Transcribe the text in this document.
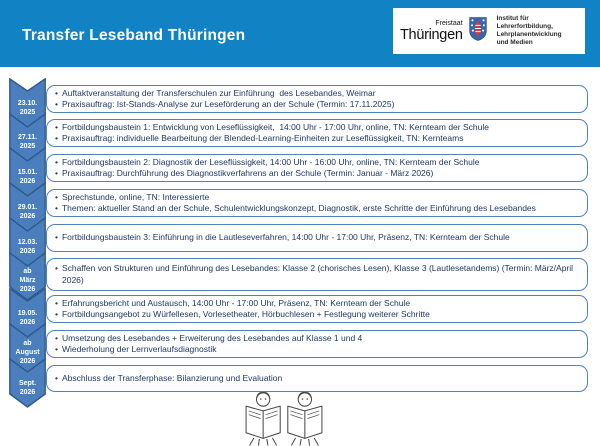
Transfer Leseband Thüringen
Freistaat
Thüringen
Institut für Lehrerfortbildung,
Lehrplanentwicklung
und Medien
23.10.
2025
27.11.
2025
15.01.
2026
29.01.
2026
12.03.
2026
ab
März
2026
19.05.
2026
ab
August
2026
Sept.
2026
• Auftaktveranstaltung der Transferschulen zur Einführung  des Lesebandes, Weimar
• Praxisauftrag: Ist-Stands-Analyse zur Leseförderung an der Schule (Termin: 17.11.2025)
• Fortbildungsbaustein 1: Entwicklung von Leseflüssigkeit,  14:00 Uhr - 17:00 Uhr, online, TN: Kernteam der Schule
• Praxisauftrag: individuelle Bearbeitung der Blended-Learning-Einheiten zur Leseflüssigkeit, TN: Kernteams
• Fortbildungsbaustein 2: Diagnostik der Leseflüssigkeit, 14:00 Uhr - 16:00 Uhr, online, TN: Kernteam der Schule
• Praxisauftrag: Durchführung des Diagnostikverfahrens an der Schule (Termin: Januar - März 2026)
• Sprechstunde, online, TN: Interessierte
• Themen: aktueller Stand an der Schule, Schulentwicklungskonzept, Diagnostik, erste Schritte der Einführung des Lesebandes
• Fortbildungsbaustein 3: Einführung in die Lautleseverfahren, 14:00 Uhr - 17:00 Uhr, Präsenz, TN: Kernteam der Schule
• Schaffen von Strukturen und Einführung des Lesebandes: Klasse 2 (chorisches Lesen), Klasse 3 (Lautlesetandems) (Termin: März/April 2026)
• Erfahrungsbericht und Austausch, 14:00 Uhr - 17:00 Uhr, Präsenz, TN: Kernteam der Schule
• Fortbildungsangebot zu Würfellesen, Vorlesetheater, Hörbuchlesen + Festlegung weiterer Schritte
• Umsetzung des Lesebandes + Erweiterung des Lesebandes auf Klasse 1 und 4
• Wiederholung der Lernverlaufsdiagnostik
• Abschluss der Transferphase: Bilanzierung und Evaluation
